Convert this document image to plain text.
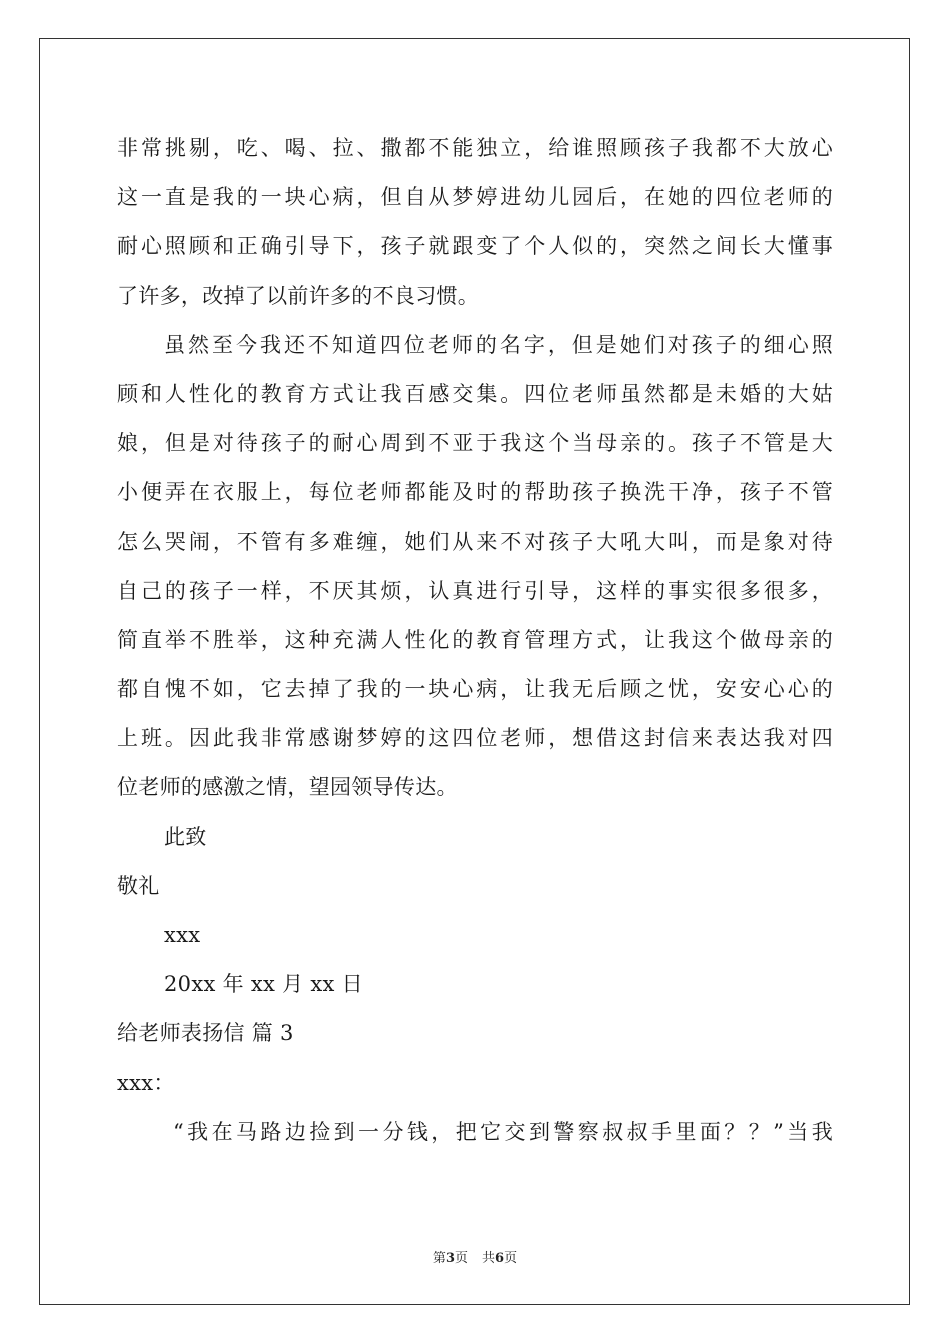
非常挑剔，吃、喝、拉、撒都不能独立，给谁照顾孩子我都不大放心
这一直是我的一块心病，但自从梦婷进幼儿园后，在她的四位老师的
耐心照顾和正确引导下，孩子就跟变了个人似的，突然之间长大懂事
了许多，改掉了以前许多的不良习惯。
虽然至今我还不知道四位老师的名字，但是她们对孩子的细心照
顾和人性化的教育方式让我百感交集。四位老师虽然都是未婚的大姑
娘，但是对待孩子的耐心周到不亚于我这个当母亲的。孩子不管是大
小便弄在衣服上，每位老师都能及时的帮助孩子换洗干净，孩子不管
怎么哭闹，不管有多难缠，她们从来不对孩子大吼大叫，而是象对待
自己的孩子一样，不厌其烦，认真进行引导，这样的事实很多很多，
简直举不胜举，这种充满人性化的教育管理方式，让我这个做母亲的
都自愧不如，它去掉了我的一块心病，让我无后顾之忧，安安心心的
上班。因此我非常感谢梦婷的这四位老师，想借这封信来表达我对四
位老师的感激之情，望园领导传达。
此致
敬礼
xxx
20xx 年 xx 月 xx 日
给老师表扬信 篇 3
xxx：
“我在马路边捡到一分钱，把它交到警察叔叔手里面？？”当我
第3页 共6页
